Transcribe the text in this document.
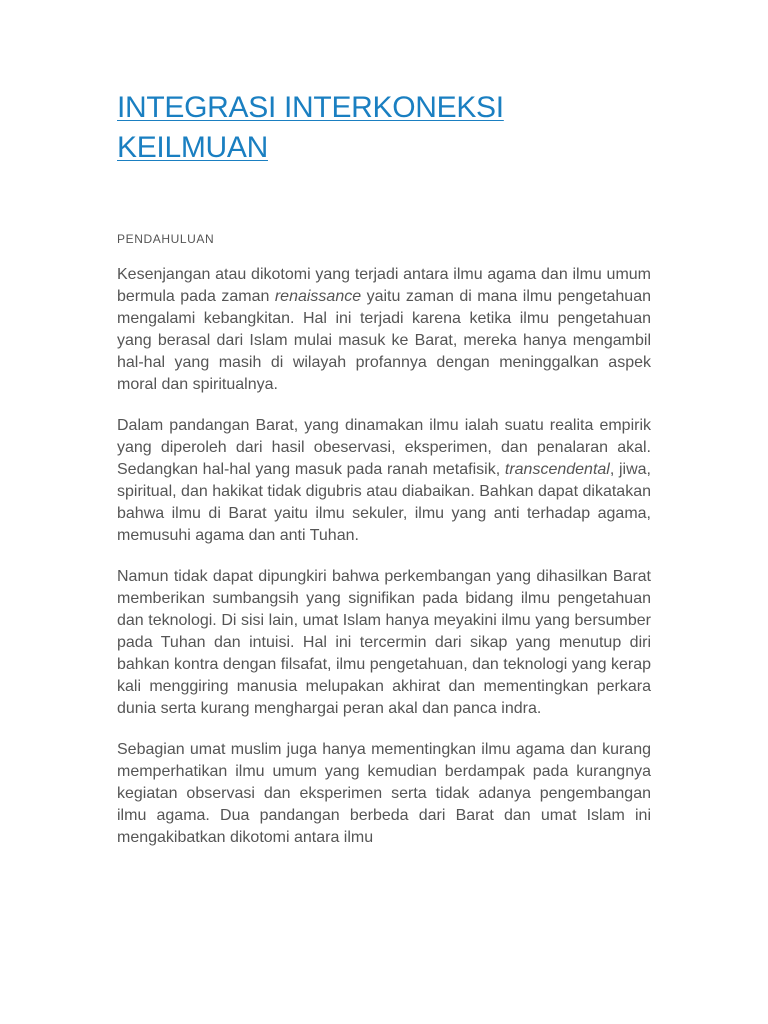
INTEGRASI INTERKONEKSI KEILMUAN
PENDAHULUAN

Kesenjangan atau dikotomi yang terjadi antara ilmu agama dan ilmu umum bermula pada zaman renaissance yaitu zaman di mana ilmu pengetahuan mengalami kebangkitan. Hal ini terjadi karena ketika ilmu pengetahuan yang berasal dari Islam mulai masuk ke Barat, mereka hanya mengambil hal-hal yang masih di wilayah profannya dengan meninggalkan aspek moral dan spiritualnya.

Dalam pandangan Barat, yang dinamakan ilmu ialah suatu realita empirik yang diperoleh dari hasil obeservasi, eksperimen, dan penalaran akal. Sedangkan hal-hal yang masuk pada ranah metafisik, transcendental, jiwa, spiritual, dan hakikat tidak digubris atau diabaikan. Bahkan dapat dikatakan bahwa ilmu di Barat yaitu ilmu sekuler, ilmu yang anti terhadap agama, memusuhi agama dan anti Tuhan.

Namun tidak dapat dipungkiri bahwa perkembangan yang dihasilkan Barat memberikan sumbangsih yang signifikan pada bidang ilmu pengetahuan dan teknologi. Di sisi lain, umat Islam hanya meyakini ilmu yang bersumber pada Tuhan dan intuisi. Hal ini tercermin dari sikap yang menutup diri bahkan kontra dengan filsafat, ilmu pengetahuan, dan teknologi yang kerap kali menggiring manusia melupakan akhirat dan mementingkan perkara dunia serta kurang menghargai peran akal dan panca indra.

Sebagian umat muslim juga hanya mementingkan ilmu agama dan kurang memperhatikan ilmu umum yang kemudian berdampak pada kurangnya kegiatan observasi dan eksperimen serta tidak adanya pengembangan ilmu agama. Dua pandangan berbeda dari Barat dan umat Islam ini mengakibatkan dikotomi antara ilmu
